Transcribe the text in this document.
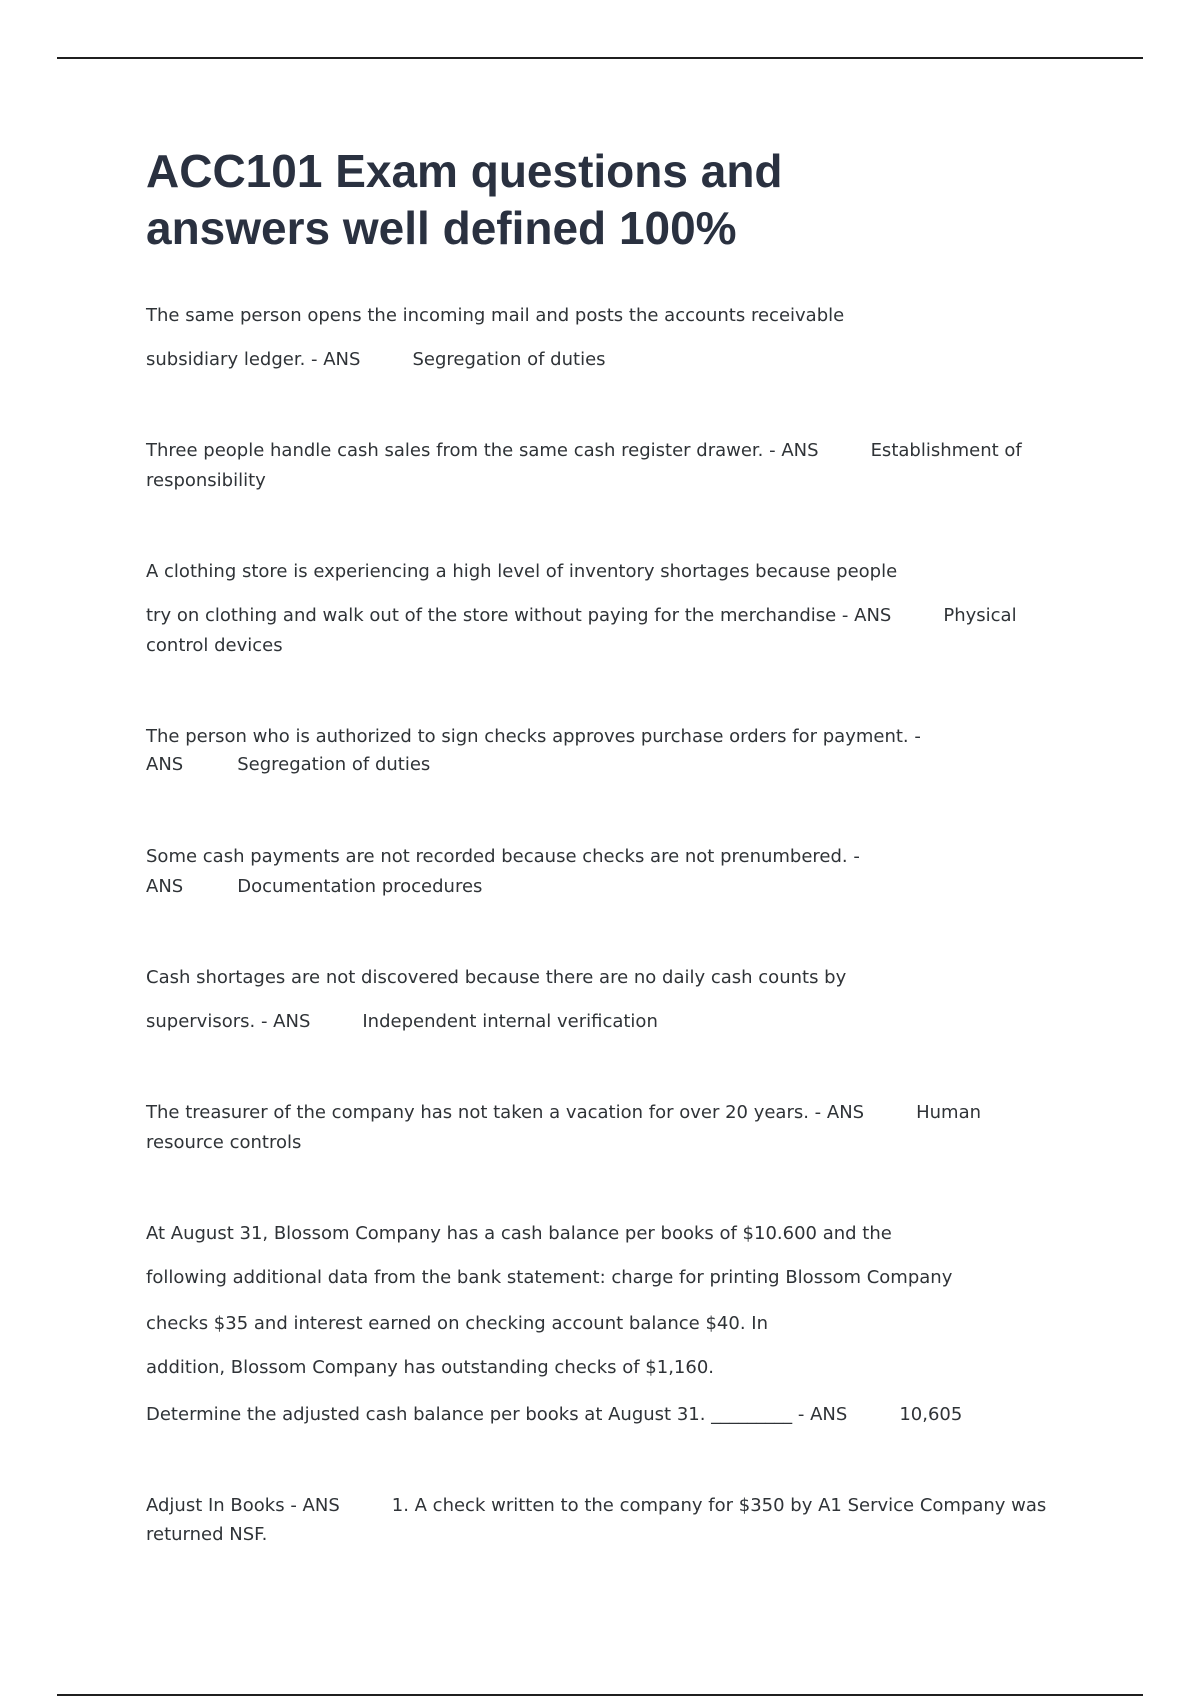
ACC101 Exam questions and
answers well defined 100%
The same person opens the incoming mail and posts the accounts receivable
subsidiary ledger. - ANS	Segregation of duties
Three people handle cash sales from the same cash register drawer. - ANS	Establishment of
responsibility
A clothing store is experiencing a high level of inventory shortages because people
try on clothing and walk out of the store without paying for the merchandise - ANS	Physical
control devices
The person who is authorized to sign checks approves purchase orders for payment. -
ANS	Segregation of duties
Some cash payments are not recorded because checks are not prenumbered. -
ANS	Documentation procedures
Cash shortages are not discovered because there are no daily cash counts by
supervisors. - ANS	Independent internal verification
The treasurer of the company has not taken a vacation for over 20 years. - ANS	Human
resource controls
At August 31, Blossom Company has a cash balance per books of $10.600 and the
following additional data from the bank statement: charge for printing Blossom Company
checks $35 and interest earned on checking account balance $40. In
addition, Blossom Company has outstanding checks of $1,160.
Determine the adjusted cash balance per books at August 31. _________ - ANS	10,605
Adjust In Books - ANS	1. A check written to the company for $350 by A1 Service Company was
returned NSF.
